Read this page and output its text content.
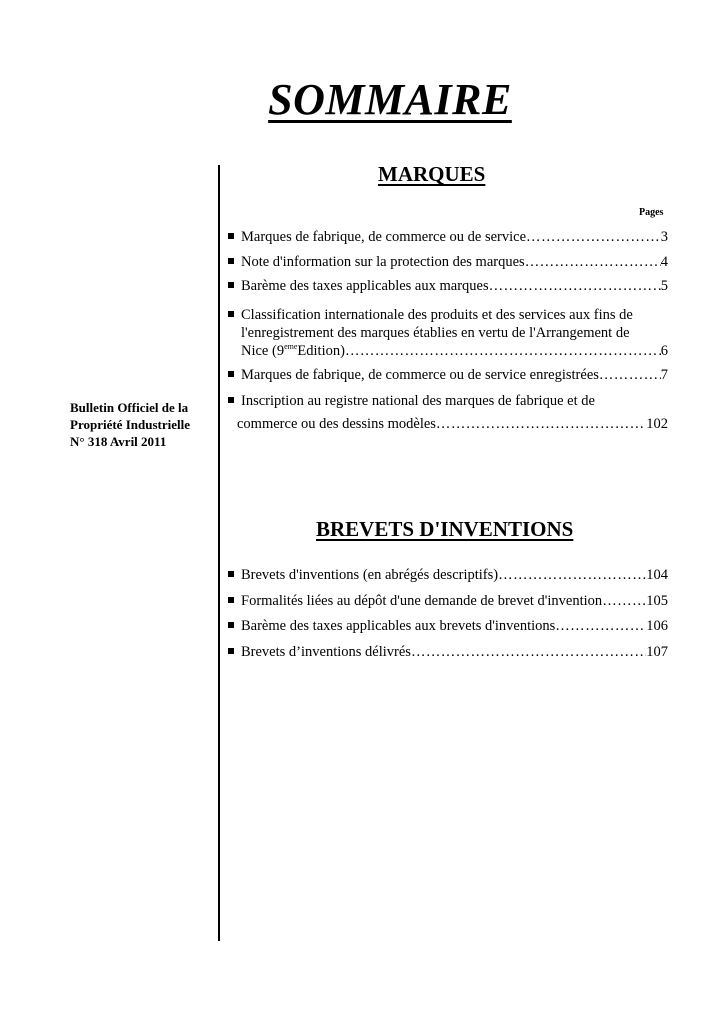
SOMMAIRE
Bulletin Officiel de la
Propriété Industrielle
N° 318 Avril 2011
MARQUES
Pages
Marques de fabrique, de commerce ou de service …………………………………………………………………………………………………………………	3
Note d'information sur la protection des marques …………………………………………………………………………………………………………………	4
Barème des taxes applicables aux marques …………………………………………………………………………………………………………………	5
Classification internationale des produits et des services aux fins de
l'enregistrement des marques établies en vertu de l'Arrangement de
Nice (9emeEdition) …………………………………………………………………………………………………………………	6
Marques de fabrique, de commerce ou de service enregistrées …………………………………………………………………………………………………………………	7
Inscription au registre national des marques de fabrique et de
commerce ou des dessins modèles …………………………………………………………………………………………………………………	102
BREVETS D'INVENTIONS
Brevets d'inventions (en abrégés descriptifs) …………………………………………………………………………………………………………………	104
Formalités liées au dépôt d'une demande de brevet d'invention …………………………………………………………………………………………………………………	105
Barème des taxes applicables aux brevets d'inventions …………………………………………………………………………………………………………………	106
Brevets d’inventions délivrés …………………………………………………………………………………………………………………	107
